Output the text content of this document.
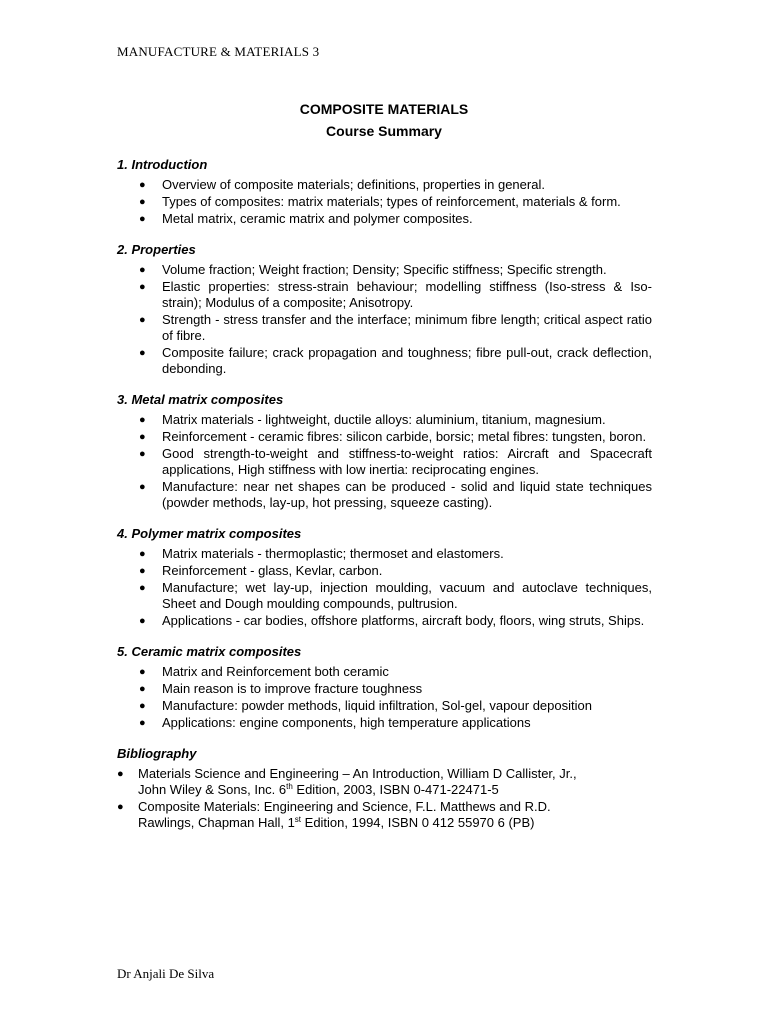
MANUFACTURE & MATERIALS 3
COMPOSITE MATERIALS
Course Summary
1. Introduction
● Overview of composite materials; definitions, properties in general.
● Types of composites: matrix materials; types of reinforcement, materials & form.
● Metal matrix, ceramic matrix and polymer composites.
2. Properties
● Volume fraction; Weight fraction; Density; Specific stiffness; Specific strength.
● Elastic properties: stress-strain behaviour; modelling stiffness (Iso-stress & Iso-strain); Modulus of a composite; Anisotropy.
● Strength - stress transfer and the interface; minimum fibre length; critical aspect ratio of fibre.
● Composite failure; crack propagation and toughness; fibre pull-out, crack deflection, debonding.
3. Metal matrix composites
● Matrix materials - lightweight, ductile alloys: aluminium, titanium, magnesium.
● Reinforcement - ceramic fibres: silicon carbide, borsic; metal fibres: tungsten, boron.
● Good strength-to-weight and stiffness-to-weight ratios: Aircraft and Spacecraft applications, High stiffness with low inertia: reciprocating engines.
● Manufacture: near net shapes can be produced - solid and liquid state techniques (powder methods, lay-up, hot pressing, squeeze casting).
4. Polymer matrix composites
● Matrix materials - thermoplastic; thermoset and elastomers.
● Reinforcement - glass, Kevlar, carbon.
● Manufacture; wet lay-up, injection moulding, vacuum and autoclave techniques, Sheet and Dough moulding compounds, pultrusion.
● Applications - car bodies, offshore platforms, aircraft body, floors, wing struts, Ships.
5. Ceramic matrix composites
● Matrix and Reinforcement both ceramic
● Main reason is to improve fracture toughness
● Manufacture: powder methods, liquid infiltration, Sol-gel, vapour deposition
● Applications: engine components, high temperature applications
Bibliography
● Materials Science and Engineering – An Introduction, William D Callister, Jr.,
John Wiley & Sons, Inc. 6th Edition, 2003, ISBN 0-471-22471-5
● Composite Materials: Engineering and Science, F.L. Matthews and R.D.
Rawlings, Chapman Hall, 1st Edition, 1994, ISBN 0 412 55970 6 (PB)
Dr Anjali De Silva
